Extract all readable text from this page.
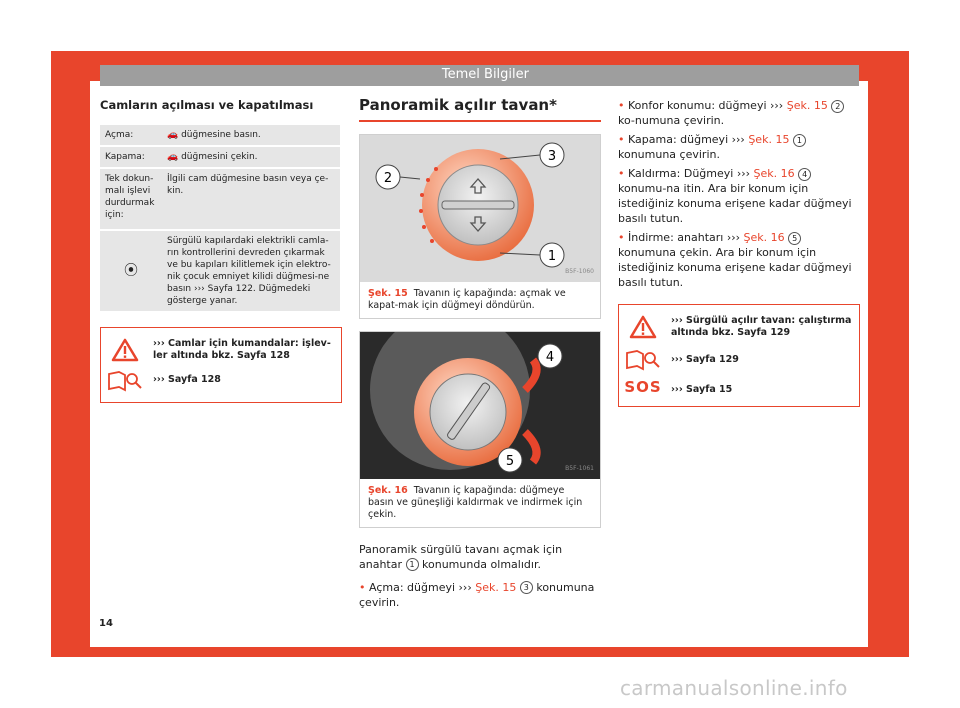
Temel Bilgiler
Camların açılması ve kapatılması
Açma:	🚗 düğmesine basın.
Kapama:	🚗 düğmesini çekin.
Tek dokun-malı işlevi durdurmak için:	İlgili cam düğmesine basın veya çe-kin.
⦿	Sürgülü kapılardaki elektrikli camla-rın kontrollerini devreden çıkarmak ve bu kapıları kilitlemek için elektro-nik çocuk emniyet kilidi düğmesi-ne basın ››› Sayfa 122. Düğmedeki gösterge yanar.
››› Camlar için kumandalar: işlev-ler altında bkz. Sayfa 128
››› Sayfa 128

Panoramik açılır tavan*

2
3
1
B5F-1060
Şek. 15 Tavanın iç kapağında: açmak ve kapat-mak için düğmeyi döndürün.
4
5	B5F-1061
Şek. 16 Tavanın iç kapağında: düğmeye basın ve güneşliği kaldırmak ve indirmek için çekin.

Panoramik sürgülü tavanı açmak için anahtar 1 konumunda olmalıdır.

• Açma: düğmeyi ››› Şek. 15 3 konumuna çevirin.

• Konfor konumu: düğmeyi ››› Şek. 15 2 ko-numuna çevirin.

• Kapama: düğmeyi ››› Şek. 15 1 konumuna çevirin.

• Kaldırma: Düğmeyi ››› Şek. 16 4 konumu-na itin. Ara bir konum için istediğiniz konuma erişene kadar düğmeyi basılı tutun.

• İndirme: anahtarı ››› Şek. 16 5 konumuna çekin. Ara bir konum için istediğiniz konuma erişene kadar düğmeyi basılı tutun.

››› Sürgülü açılır tavan: çalıştırma altında bkz. Sayfa 129
››› Sayfa 129
SOS ››› Sayfa 15
14
carmanualsonline.info
